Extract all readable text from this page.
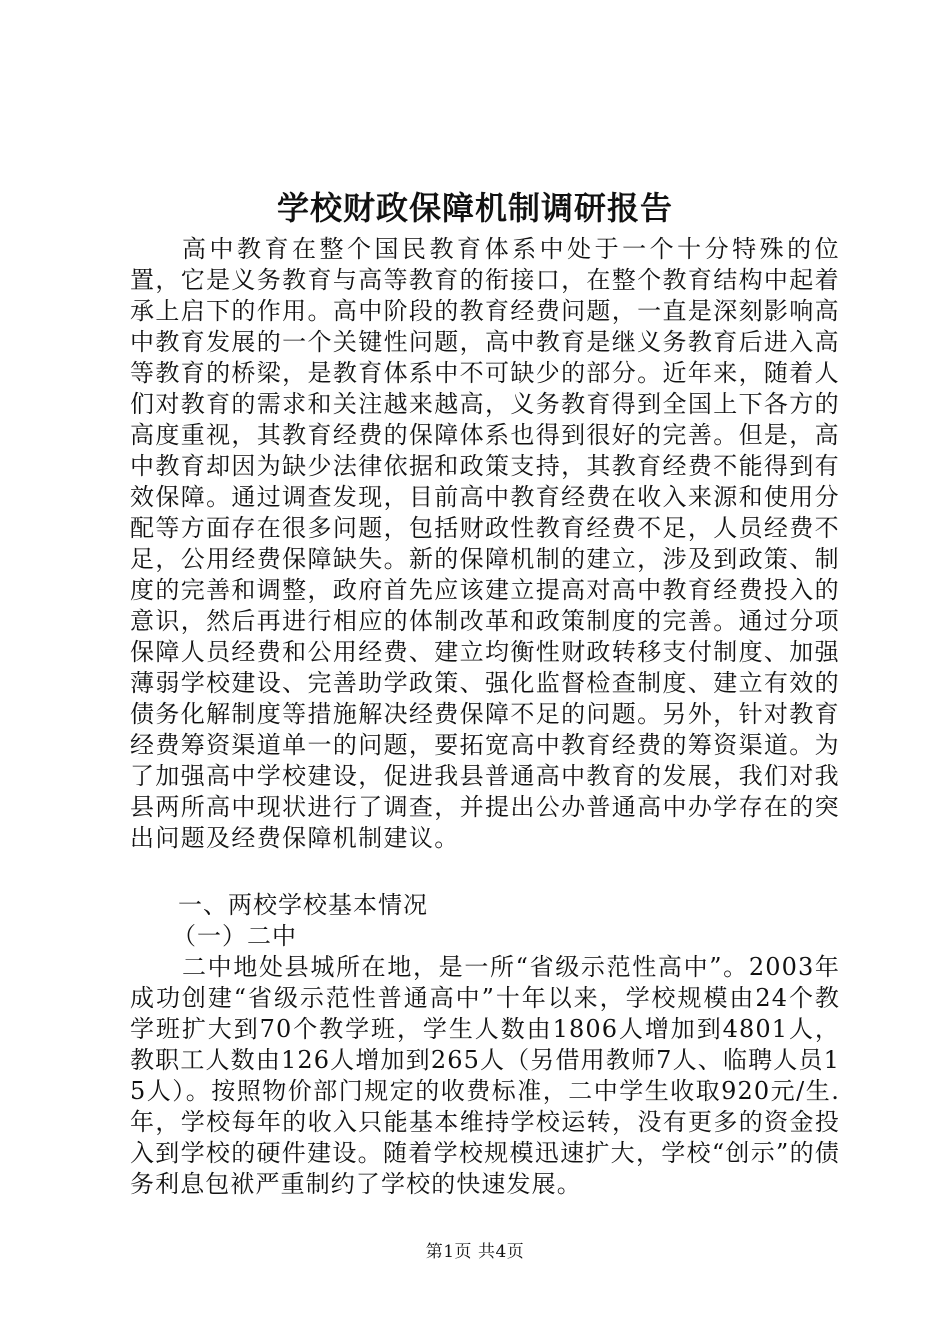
学校财政保障机制调研报告

高中教育在整个国民教育体系中处于一个十分特殊的位置，它是义务教育与高等教育的衔接口，在整个教育结构中起着承上启下的作用。高中阶段的教育经费问题，一直是深刻影响高中教育发展的一个关键性问题，高中教育是继义务教育后进入高等教育的桥梁，是教育体系中不可缺少的部分。近年来，随着人们对教育的需求和关注越来越高，义务教育得到全国上下各方的高度重视，其教育经费的保障体系也得到很好的完善。但是，高中教育却因为缺少法律依据和政策支持，其教育经费不能得到有效保障。通过调查发现，目前高中教育经费在收入来源和使用分配等方面存在很多问题，包括财政性教育经费不足，人员经费不足，公用经费保障缺失。新的保障机制的建立，涉及到政策、制度的完善和调整，政府首先应该建立提高对高中教育经费投入的意识，然后再进行相应的体制改革和政策制度的完善。通过分项保障人员经费和公用经费、建立均衡性财政转移支付制度、加强薄弱学校建设、完善助学政策、强化监督检查制度、建立有效的债务化解制度等措施解决经费保障不足的问题。另外，针对教育经费筹资渠道单一的问题，要拓宽高中教育经费的筹资渠道。为了加强高中学校建设，促进我县普通高中教育的发展，我们对我县两所高中现状进行了调查，并提出公办普通高中办学存在的突出问题及经费保障机制建议。

一、两校学校基本情况

（一）二中

二中地处县城所在地，是一所“省级示范性高中”。2003年成功创建“省级示范性普通高中”十年以来，学校规模由24个教学班扩大到70个教学班，学生人数由1806人增加到4801人，教职工人数由126人增加到265人（另借用教师7人、临聘人员15人）。按照物价部门规定的收费标准，二中学生收取920元/生.年，学校每年的收入只能基本维持学校运转，没有更多的资金投入到学校的硬件建设。随着学校规模迅速扩大，学校“创示”的债务利息包袱严重制约了学校的快速发展。

第1页 共4页
